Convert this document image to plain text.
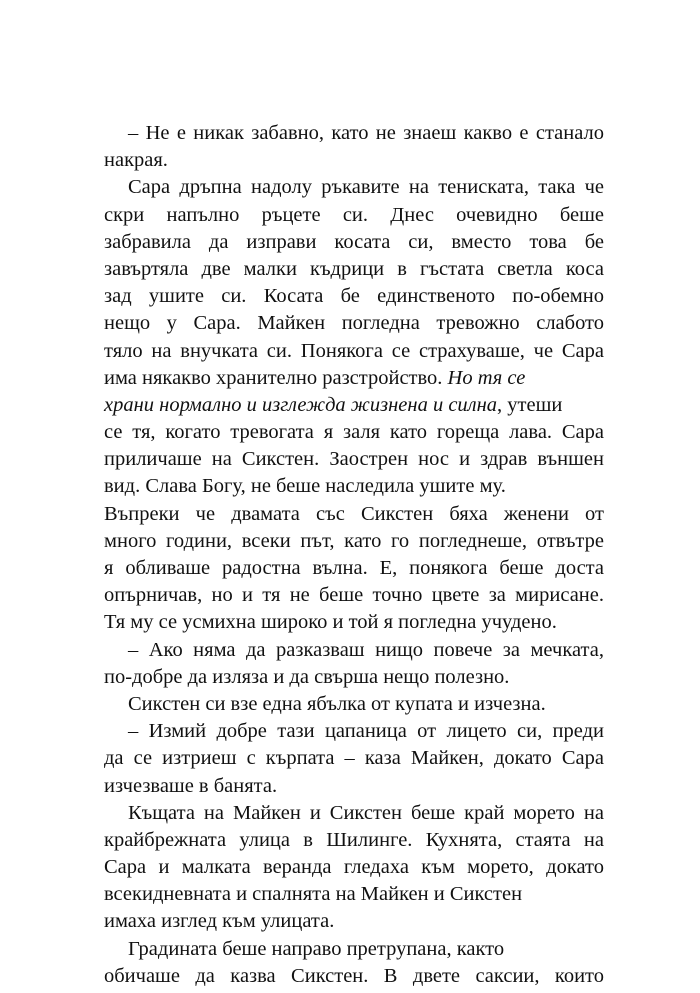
– Не е никак забавно, като не знаеш какво е станало
накрая.
Сара дръпна надолу ръкавите на тениската, така че
скри напълно ръцете си. Днес очевидно беше
забравила да изправи косата си, вместо това бе
завъртяла две малки къдрици в гъстата светла коса
зад ушите си. Косата бе единственото по-обемно
нещо у Сара. Майкен погледна тревожно слабото
тяло на внучката си. Понякога се страхуваше, че Сара
има някакво хранително разстройство. Но тя се
храни нормално и изглежда жизнена и силна, утеши
се тя, когато тревогата я заля като гореща лава. Сара
приличаше на Сикстен. Заострен нос и здрав външен
вид. Слава Богу, не беше наследила ушите му.
Въпреки че двамата със Сикстен бяха женени от
много години, всеки път, като го погледнеше, отвътре
я обливаше радостна вълна. Е, понякога беше доста
опърничав, но и тя не беше точно цвете за мирисане.
Тя му се усмихна широко и той я погледна учудено.
– Ако няма да разказваш нищо повече за мечката,
по-добре да изляза и да свърша нещо полезно.
Сикстен си взе една ябълка от купата и изчезна.
– Измий добре тази цапаница от лицето си, преди
да се изтриеш с кърпата – каза Майкен, докато Сара
изчезваше в банята.
Къщата на Майкен и Сикстен беше край морето на
крайбрежната улица в Шилинге. Кухнята, стаята на
Сара и малката веранда гледаха към морето, докато
всекидневната и спалнята на Майкен и Сикстен
имаха изглед към улицата.
Градината беше направо претрупана, както
обичаше да казва Сикстен. В двете саксии, които
